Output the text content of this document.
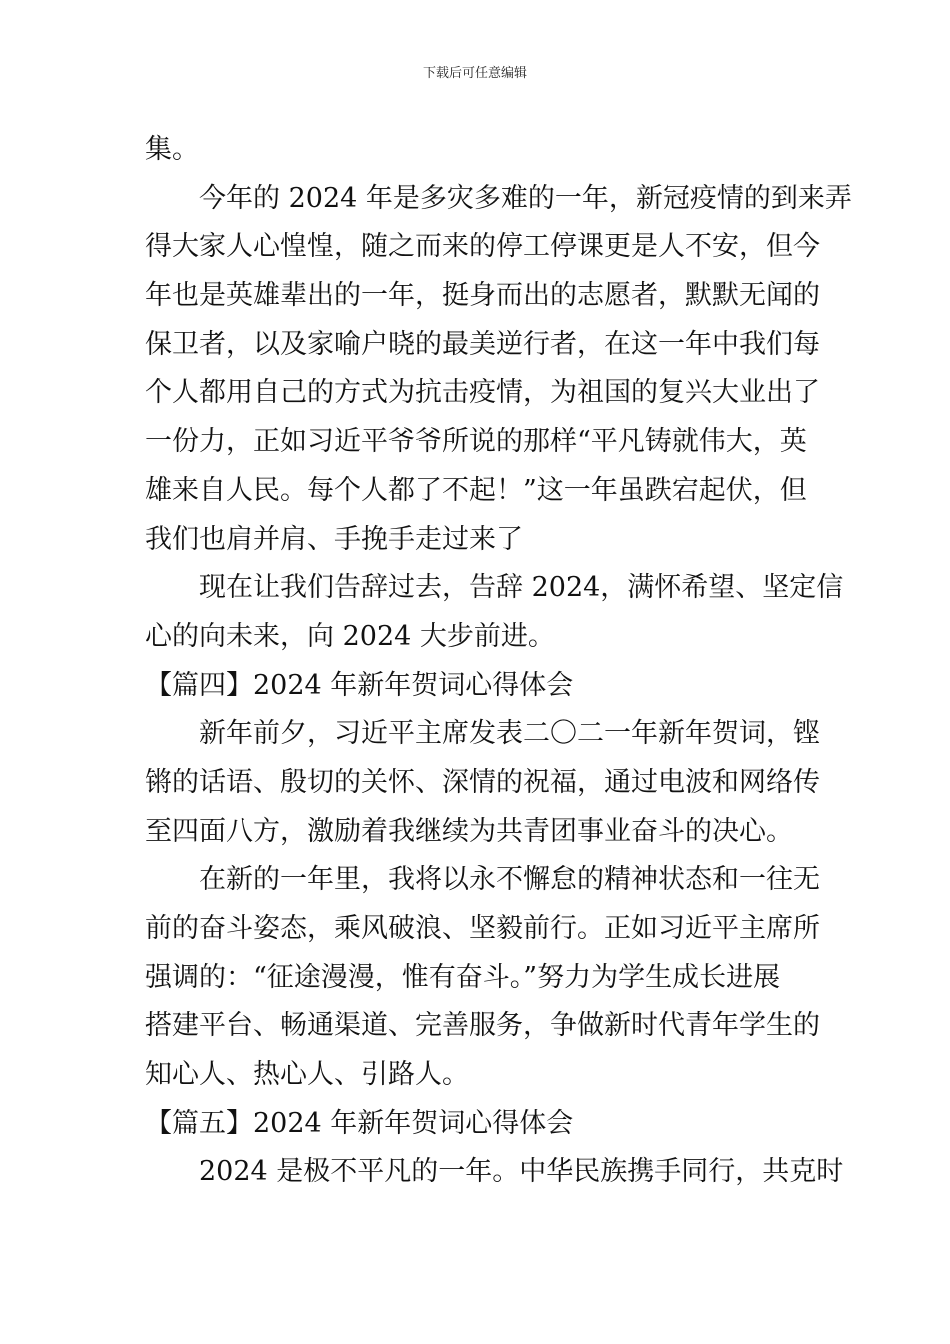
下载后可任意编辑
集。
今年的 2024 年是多灾多难的一年，新冠疫情的到来弄
得大家人心惶惶，随之而来的停工停课更是人不安，但今
年也是英雄辈出的一年，挺身而出的志愿者，默默无闻的
保卫者，以及家喻户晓的最美逆行者，在这一年中我们每
个人都用自己的方式为抗击疫情，为祖国的复兴大业出了
一份力，正如习近平爷爷所说的那样“平凡铸就伟大，英
雄来自人民。每个人都了不起！”这一年虽跌宕起伏，但
我们也肩并肩、手挽手走过来了
现在让我们告辞过去，告辞 2024，满怀希望、坚定信
心的向未来，向 2024 大步前进。
【篇四】2024 年新年贺词心得体会
新年前夕，习近平主席发表二〇二一年新年贺词，铿
锵的话语、殷切的关怀、深情的祝福，通过电波和网络传
至四面八方，激励着我继续为共青团事业奋斗的决心。
在新的一年里，我将以永不懈怠的精神状态和一往无
前的奋斗姿态，乘风破浪、坚毅前行。正如习近平主席所
强调的：“征途漫漫，惟有奋斗。”努力为学生成长进展
搭建平台、畅通渠道、完善服务，争做新时代青年学生的
知心人、热心人、引路人。
【篇五】2024 年新年贺词心得体会
2024 是极不平凡的一年。中华民族携手同行，共克时
